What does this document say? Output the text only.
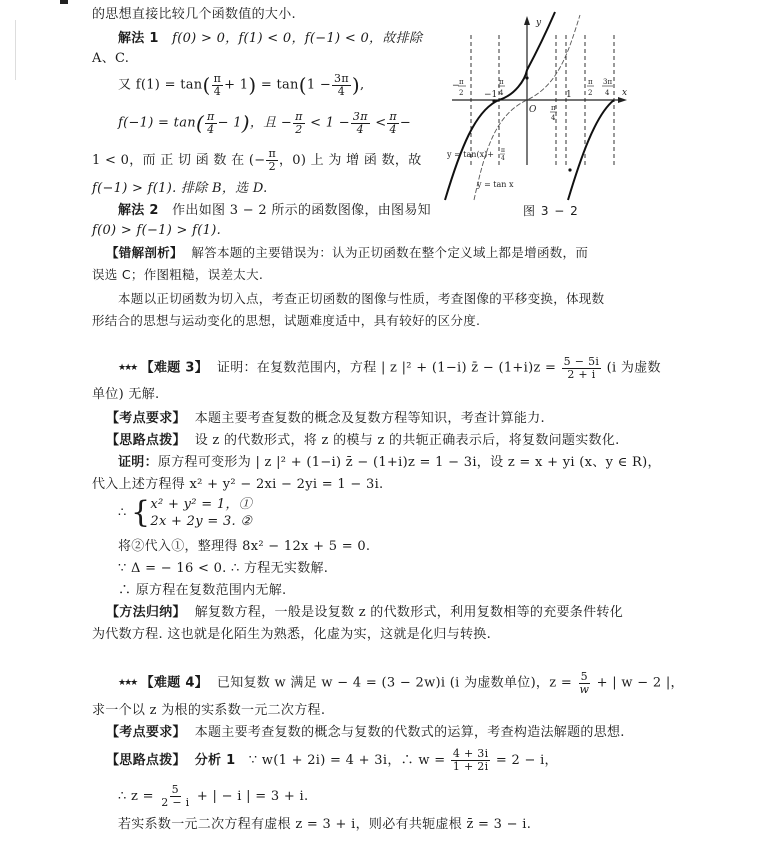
的思想直接比较几个函数值的大小.
解法 1 f(0) > 0，f(1) < 0，f(−1) < 0，故排除
A、C.
又 $f(1) = \tan( \frac{\pi}{4} + 1) = \tan(1 - \frac{3\pi}{4}$ ),
$f(-1) = \tan( \frac{\pi}{4} - 1)$，且 − $\frac{\pi}{2} < 1 - \frac{3\pi}{4} < \frac{\pi}{4}$ −
1 < 0，而 正 切 函 数 在 (− $\frac{\pi}{2}$ ，0) 上 为 增 函 数，故
f(−1) > f(1). 排除 B，选 D.
解法 2 作出如图 3 − 2 所示的函数图像，由图易知
f(0) > f(−1) > f(1).
【错解剖析】 解答本题的主要错误为：认为正切函数在整个定义域上都是增函数，而
误选 C；作图粗糙，误差太大.
本题以正切函数为切入点，考查正切函数的图像与性质，考查图像的平移变换，体现数
形结合的思想与运动变化的思想，试题难度适中，具有较好的区分度.
★★★ 【难题 3】 证明：在复数范围内，方程 | z |² + (1−i) z̄ − $(1+i)z = \frac{5 - 5i}{2 + i} (i$ 为虚数
单位) 无解.
【考点要求】 本题主要考查复数的概念及复数方程等知识，考查计算能力.
【思路点拨】 设 z 的代数形式，将 z 的模与 z 的共轭正确表示后，将复数问题实数化.
证明：原方程可变形为 | z |² + (1−i) z̄ − (1+i)z = 1 − 3i，设 z = x + yi (x、y ∈ R)，
代入上述方程得 x² + y² − 2xi − 2yi = 1 − 3i.
∴ {x² + y² = 1，①
2x + 2y = 3. ②
将②代入①，整理得 8x² − 12x + 5 = 0.
∵ Δ = − 16 < 0. ∴ 方程无实数解.
∴ 原方程在复数范围内无解.
【方法归纳】 解复数方程，一般是设复数 z 的代数形式，利用复数相等的充要条件转化
为代数方程. 这也就是化陌生为熟悉，化虚为实，这就是化归与转换.
★★★ 【难题 4】 已知复数 w 满足 w − 4 = (3 − 2w)i (i 为虚数单位)，$z = \frac{5}{w}$ + | w − 2 |，
求一个以 z 为根的实系数一元二次方程.
【考点要求】 本题主要考查复数的概念与复数的代数式的运算，考查构造法解题的思想.
【思路点拨】 分析 1 ∵ w(1 + 2i) = 4 + 3i，∴ $w = \frac{4 + 3i}{1 + 2i} = 2 - i$，
∴ $z = \frac{5}{2 - i}$ + | − i | = 3 + i.
若实系数一元二次方程有虚根 z = 3 + i，则必有共轭虚根 z̄ = 3 − i.
y
x
O
− π
2 −1
π
4
π
4
1
π
2
3π
4
y = tan(x)+ π
4
y = tan x
图 3 − 2
